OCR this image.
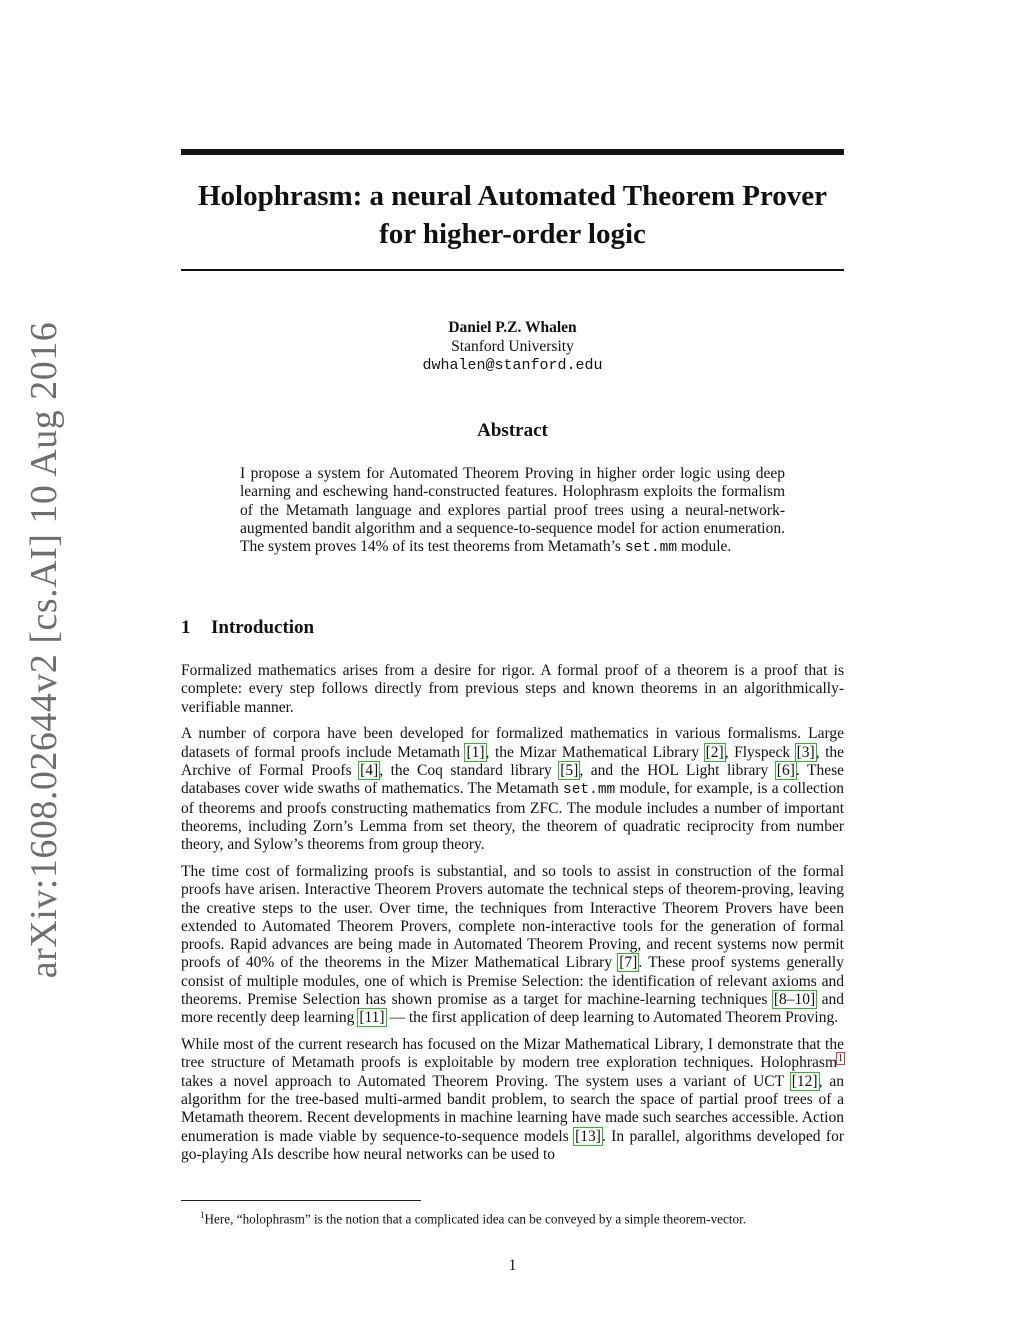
arXiv:1608.02644v2 [cs.AI] 10 Aug 2016
Holophrasm: a neural Automated Theorem Prover
for higher-order logic
Daniel P.Z. Whalen
Stanford University
dwhalen@stanford.edu
Abstract

I propose a system for Automated Theorem Proving in higher order logic using deep learning and eschewing hand-constructed features. Holophrasm exploits the formalism of the Metamath language and explores partial proof trees using a neural-network-augmented bandit algorithm and a sequence-to-sequence model for action enumeration. The system proves 14% of its test theorems from Metamath’s set.mm module.

1 Introduction

Formalized mathematics arises from a desire for rigor. A formal proof of a theorem is a proof that is complete: every step follows directly from previous steps and known theorems in an algorithmically-verifiable manner.

A number of corpora have been developed for formalized mathematics in various formalisms. Large datasets of formal proofs include Metamath [1], the Mizar Mathematical Library [2], Flyspeck [3], the Archive of Formal Proofs [4], the Coq standard library [5], and the HOL Light library [6]. These databases cover wide swaths of mathematics. The Metamath set.mm module, for example, is a collection of theorems and proofs constructing mathematics from ZFC. The module includes a number of important theorems, including Zorn’s Lemma from set theory, the theorem of quadratic reciprocity from number theory, and Sylow’s theorems from group theory.

The time cost of formalizing proofs is substantial, and so tools to assist in construction of the formal proofs have arisen. Interactive Theorem Provers automate the technical steps of theorem-proving, leaving the creative steps to the user. Over time, the techniques from Interactive Theorem Provers have been extended to Automated Theorem Provers, complete non-interactive tools for the generation of formal proofs. Rapid advances are being made in Automated Theorem Proving, and recent systems now permit proofs of 40% of the theorems in the Mizer Mathematical Library [7]. These proof systems generally consist of multiple modules, one of which is Premise Selection: the identification of relevant axioms and theorems. Premise Selection has shown promise as a target for machine-learning techniques [8–10] and more recently deep learning [11] — the first application of deep learning to Automated Theorem Proving.

While most of the current research has focused on the Mizar Mathematical Library, I demonstrate that the tree structure of Metamath proofs is exploitable by modern tree exploration techniques. Holophrasm$^1$ takes a novel approach to Automated Theorem Proving. The system uses a variant of UCT [12], an algorithm for the tree-based multi-armed bandit problem, to search the space of partial proof trees of a Metamath theorem. Recent developments in machine learning have made such searches accessible. Action enumeration is made viable by sequence-to-sequence models [13]. In parallel, algorithms developed for go-playing AIs describe how neural networks can be used to

$^1$Here, “holophrasm” is the notion that a complicated idea can be conveyed by a simple theorem-vector.

1
